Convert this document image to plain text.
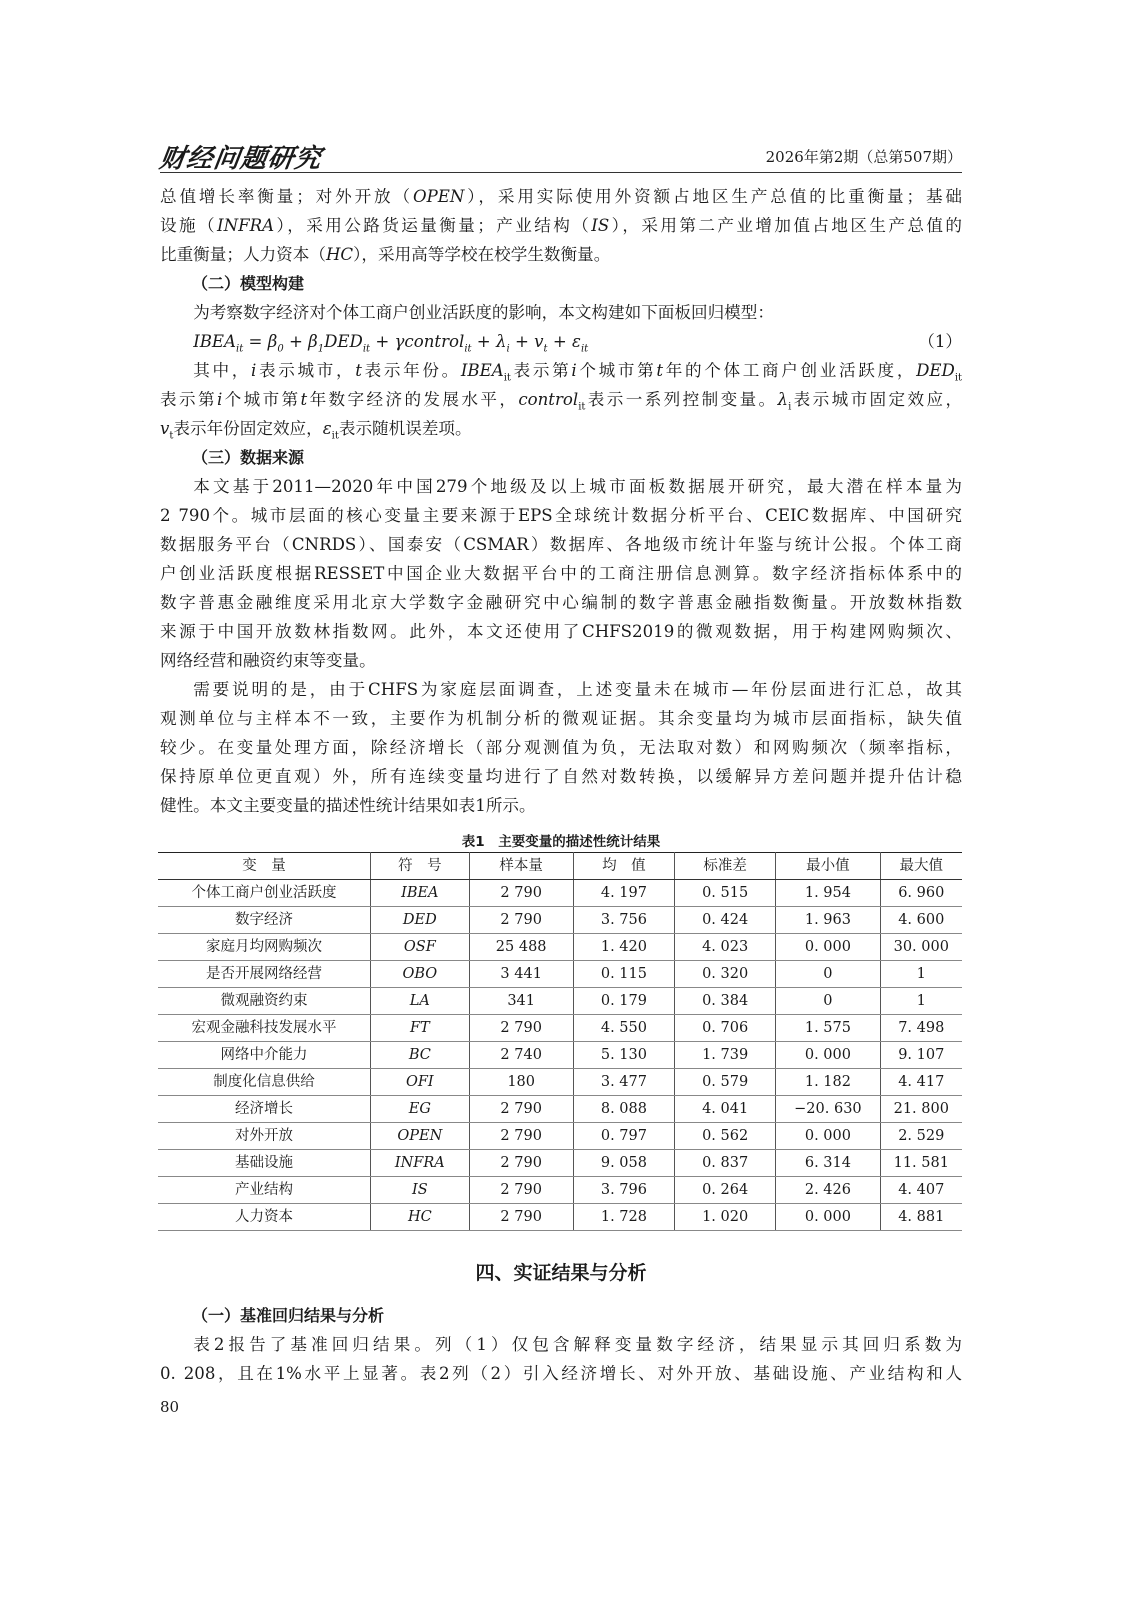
财经问题研究	2026年第2期（总第507期）
总值增长率衡量；对外开放（OPEN），采用实际使用外资额占地区生产总值的比重衡量；基础
设施（INFRA），采用公路货运量衡量；产业结构（IS），采用第二产业增加值占地区生产总值的
比重衡量；人力资本（HC），采用高等学校在校学生数衡量。
（二）模型构建
为考察数字经济对个体工商户创业活跃度的影响，本文构建如下面板回归模型：
$IBEA_{it} = \beta_0 + \beta_1DED_{it}$ + γcontrol$_{it}$ + $\lambda_i + v_t + \varepsilon_{it}$	（1）
其中，i表示城市，t表示年份。$IBEA_{it}$表示第i个城市第t年的个体工商户创业活跃度，$DED_{it}$
表示第i个城市第t年数字经济的发展水平，control$_{it}$表示一系列控制变量。$\lambda_i$表示城市固定效应，
$v_t$表示年份固定效应，$\varepsilon_{it}$表示随机误差项。
（三）数据来源
本文基于2011—2020年中国279个地级及以上城市面板数据展开研究，最大潜在样本量为
2 790个。城市层面的核心变量主要来源于EPS全球统计数据分析平台、CEIC数据库、中国研究
数据服务平台（CNRDS）、国泰安（CSMAR）数据库、各地级市统计年鉴与统计公报。个体工商
户创业活跃度根据RESSET中国企业大数据平台中的工商注册信息测算。数字经济指标体系中的
数字普惠金融维度采用北京大学数字金融研究中心编制的数字普惠金融指数衡量。开放数林指数
来源于中国开放数林指数网。此外，本文还使用了CHFS2019的微观数据，用于构建网购频次、
网络经营和融资约束等变量。
需要说明的是，由于CHFS为家庭层面调查，上述变量未在城市—年份层面进行汇总，故其
观测单位与主样本不一致，主要作为机制分析的微观证据。其余变量均为城市层面指标，缺失值
较少。在变量处理方面，除经济增长（部分观测值为负，无法取对数）和网购频次（频率指标，
保持原单位更直观）外，所有连续变量均进行了自然对数转换，以缓解异方差问题并提升估计稳
健性。本文主要变量的描述性统计结果如表1所示。
表1　主要变量的描述性统计结果
变　量	符　号	样本量	均　值	标准差	最小值	最大值
个体工商户创业活跃度	IBEA	2 790	4. 197	0. 515	1. 954	6. 960
数字经济	DED	2 790	3. 756	0. 424	1. 963	4. 600
家庭月均网购频次	OSF	25 488	1. 420	4. 023	0. 000	30. 000
是否开展网络经营	OBO	3 441	0. 115	0. 320	0	1
微观融资约束	LA	341	0. 179	0. 384	0	1
宏观金融科技发展水平	FT	2 790	4. 550	0. 706	1. 575	7. 498
网络中介能力	BC	2 740	5. 130	1. 739	0. 000	9. 107
制度化信息供给	OFI	180	3. 477	0. 579	1. 182	4. 417
经济增长	EG	2 790	8. 088	4. 041	−20. 630	21. 800
对外开放	OPEN	2 790	0. 797	0. 562	0. 000	2. 529
基础设施	INFRA	2 790	9. 058	0. 837	6. 314	11. 581
产业结构	IS	2 790	3. 796	0. 264	2. 426	4. 407
人力资本	HC	2 790	1. 728	1. 020	0. 000	4. 881
四、实证结果与分析
（一）基准回归结果与分析
表2报告了基准回归结果。列（1）仅包含解释变量数字经济，结果显示其回归系数为
0. 208，且在1%水平上显著。表2列（2）引入经济增长、对外开放、基础设施、产业结构和人
80
